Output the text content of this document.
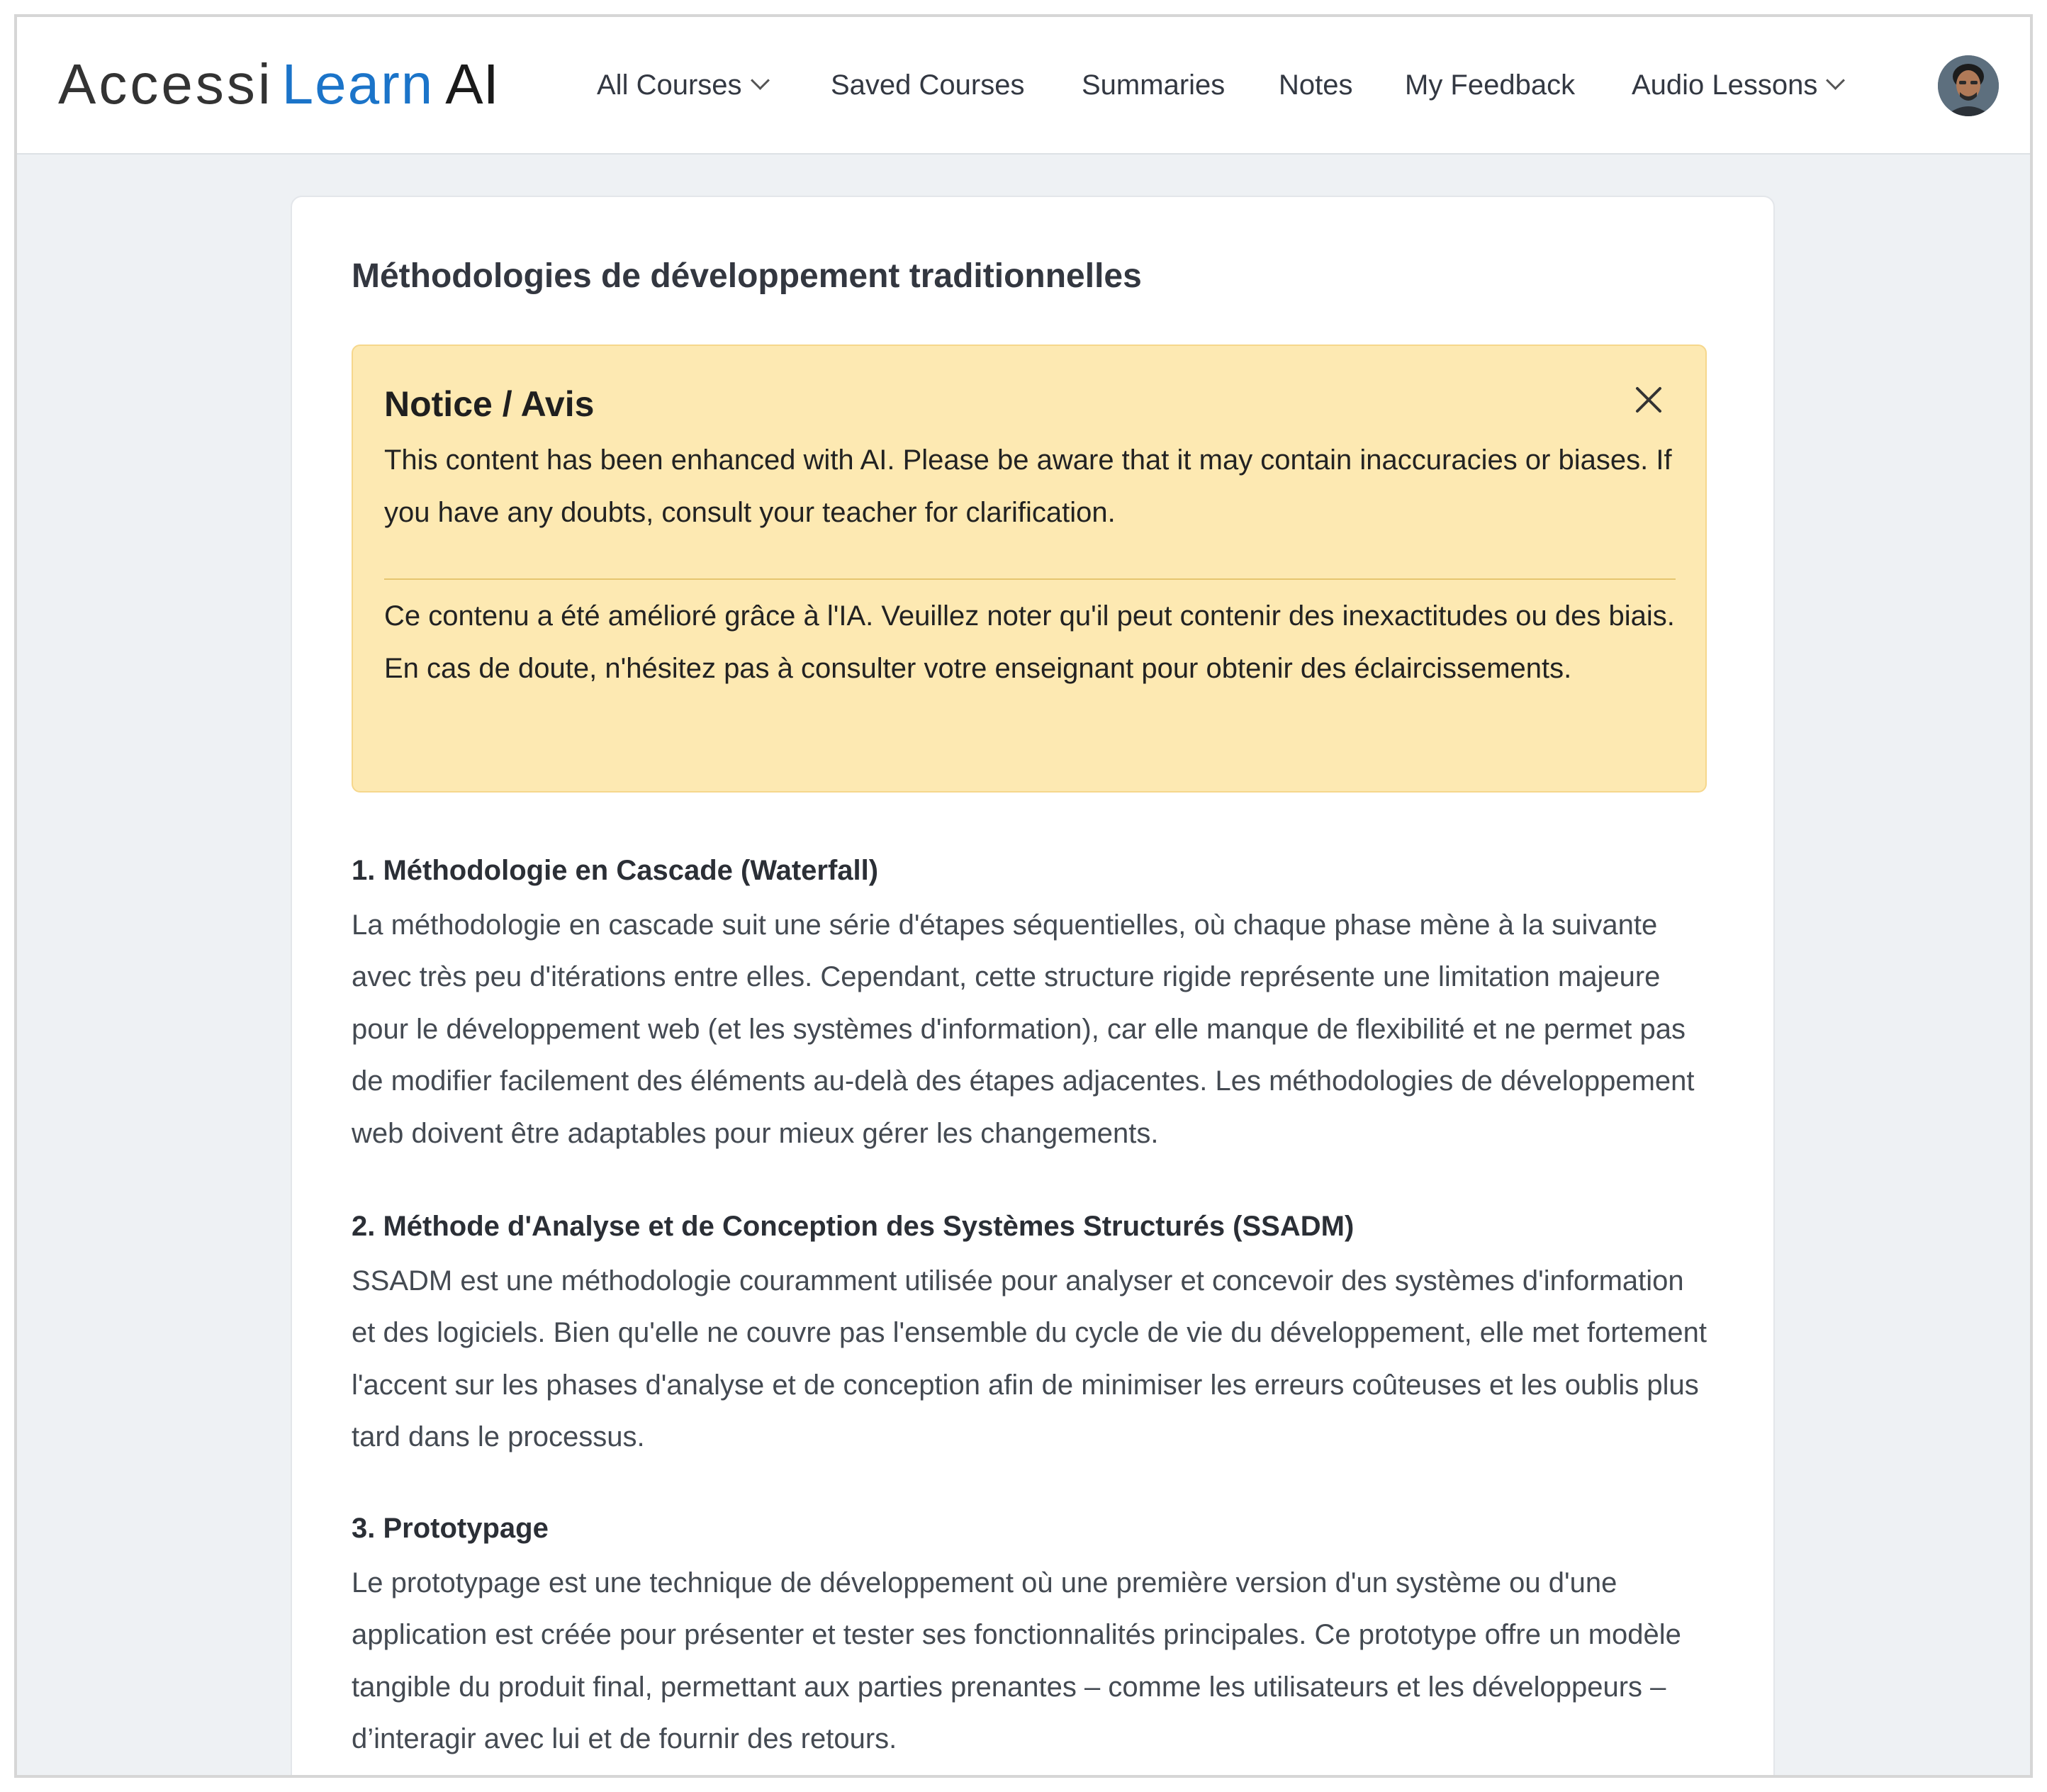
Accessi Learn AI	All Courses	Saved Courses Summaries Notes My Feedback Audio Lessons
Méthodologies de développement traditionnelles
Notice / Avis
This content has been enhanced with AI. Please be aware that it may contain inaccuracies or biases. If you have any doubts, consult your teacher for clarification.
Ce contenu a été amélioré grâce à l'IA. Veuillez noter qu'il peut contenir des inexactitudes ou des biais. En cas de doute, n'hésitez pas à consulter votre enseignant pour obtenir des éclaircissements.
1. Méthodologie en Cascade (Waterfall)
La méthodologie en cascade suit une série d'étapes séquentielles, où chaque phase mène à la suivante avec très peu d'itérations entre elles. Cependant, cette structure rigide représente une limitation majeure pour le développement web (et les systèmes d'information), car elle manque de flexibilité et ne permet pas de modifier facilement des éléments au-delà des étapes adjacentes. Les méthodologies de développement web doivent être adaptables pour mieux gérer les changements.
2. Méthode d'Analyse et de Conception des Systèmes Structurés (SSADM)
SSADM est une méthodologie couramment utilisée pour analyser et concevoir des systèmes d'information et des logiciels. Bien qu'elle ne couvre pas l'ensemble du cycle de vie du développement, elle met fortement l'accent sur les phases d'analyse et de conception afin de minimiser les erreurs coûteuses et les oublis plus tard dans le processus.
3. Prototypage
Le prototypage est une technique de développement où une première version d'un système ou d'une application est créée pour présenter et tester ses fonctionnalités principales. Ce prototype offre un modèle tangible du produit final, permettant aux parties prenantes – comme les utilisateurs et les développeurs – d’interagir avec lui et de fournir des retours.
